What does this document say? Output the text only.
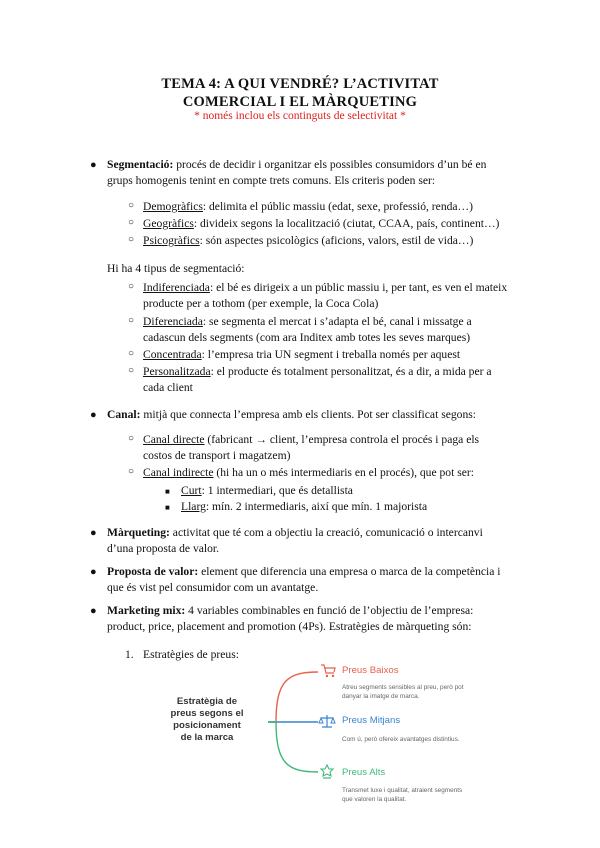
TEMA 4: A QUI VENDRÉ? L’ACTIVITAT
COMERCIAL I EL MÀRQUETING
* només inclou els continguts de selectivitat *
● Segmentació: procés de decidir i organitzar els possibles consumidors d’un bé en
grups homogenis tenint en compte trets comuns. Els criteris poden ser:
○ Demogràfics: delimita el públic massiu (edat, sexe, professió, renda…)
○ Geogràfics: divideix segons la localització (ciutat, CCAA, país, continent…)
○ Psicogràfics: són aspectes psicològics (aficions, valors, estil de vida…)
Hi ha 4 tipus de segmentació:
○ Indiferenciada: el bé es dirigeix a un públic massiu i, per tant, es ven el mateix
producte per a tothom (per exemple, la Coca Cola)
○ Diferenciada: se segmenta el mercat i s’adapta el bé, canal i missatge a
cadascun dels segments (com ara Inditex amb totes les seves marques)
○ Concentrada: l’empresa tria UN segment i treballa només per aquest
○ Personalitzada: el producte és totalment personalitzat, és a dir, a mida per a
cada client
● Canal: mitjà que connecta l’empresa amb els clients. Pot ser classificat segons:
○ Canal directe (fabricant → client, l’empresa controla el procés i paga els
costos de transport i magatzem)
○ Canal indirecte (hi ha un o més intermediaris en el procés), que pot ser:
■ Curt: 1 intermediari, que és detallista
■ Llarg: mín. 2 intermediaris, així que mín. 1 majorista
● Màrqueting: activitat que té com a objectiu la creació, comunicació o intercanvi
d’una proposta de valor.
● Proposta de valor: element que diferencia una empresa o marca de la competència i
que és vist pel consumidor com un avantatge.
● Marketing mix: 4 variables combinables en funció de l’objectiu de l’empresa:
product, price, placement and promotion (4Ps). Estratègies de màrqueting són:
1. Estratègies de preus:
Estratègia de
preus segons el
posicionament
de la marca
Preus Baixos
Atreu segments sensibles al preu, però pot
danyar la imatge de marca.
Preus Mitjans
Com ú, però ofereix avantatges distintius.
Preus Alts
Transmet luxe i qualitat, atraient segments
que valoren la qualitat.
